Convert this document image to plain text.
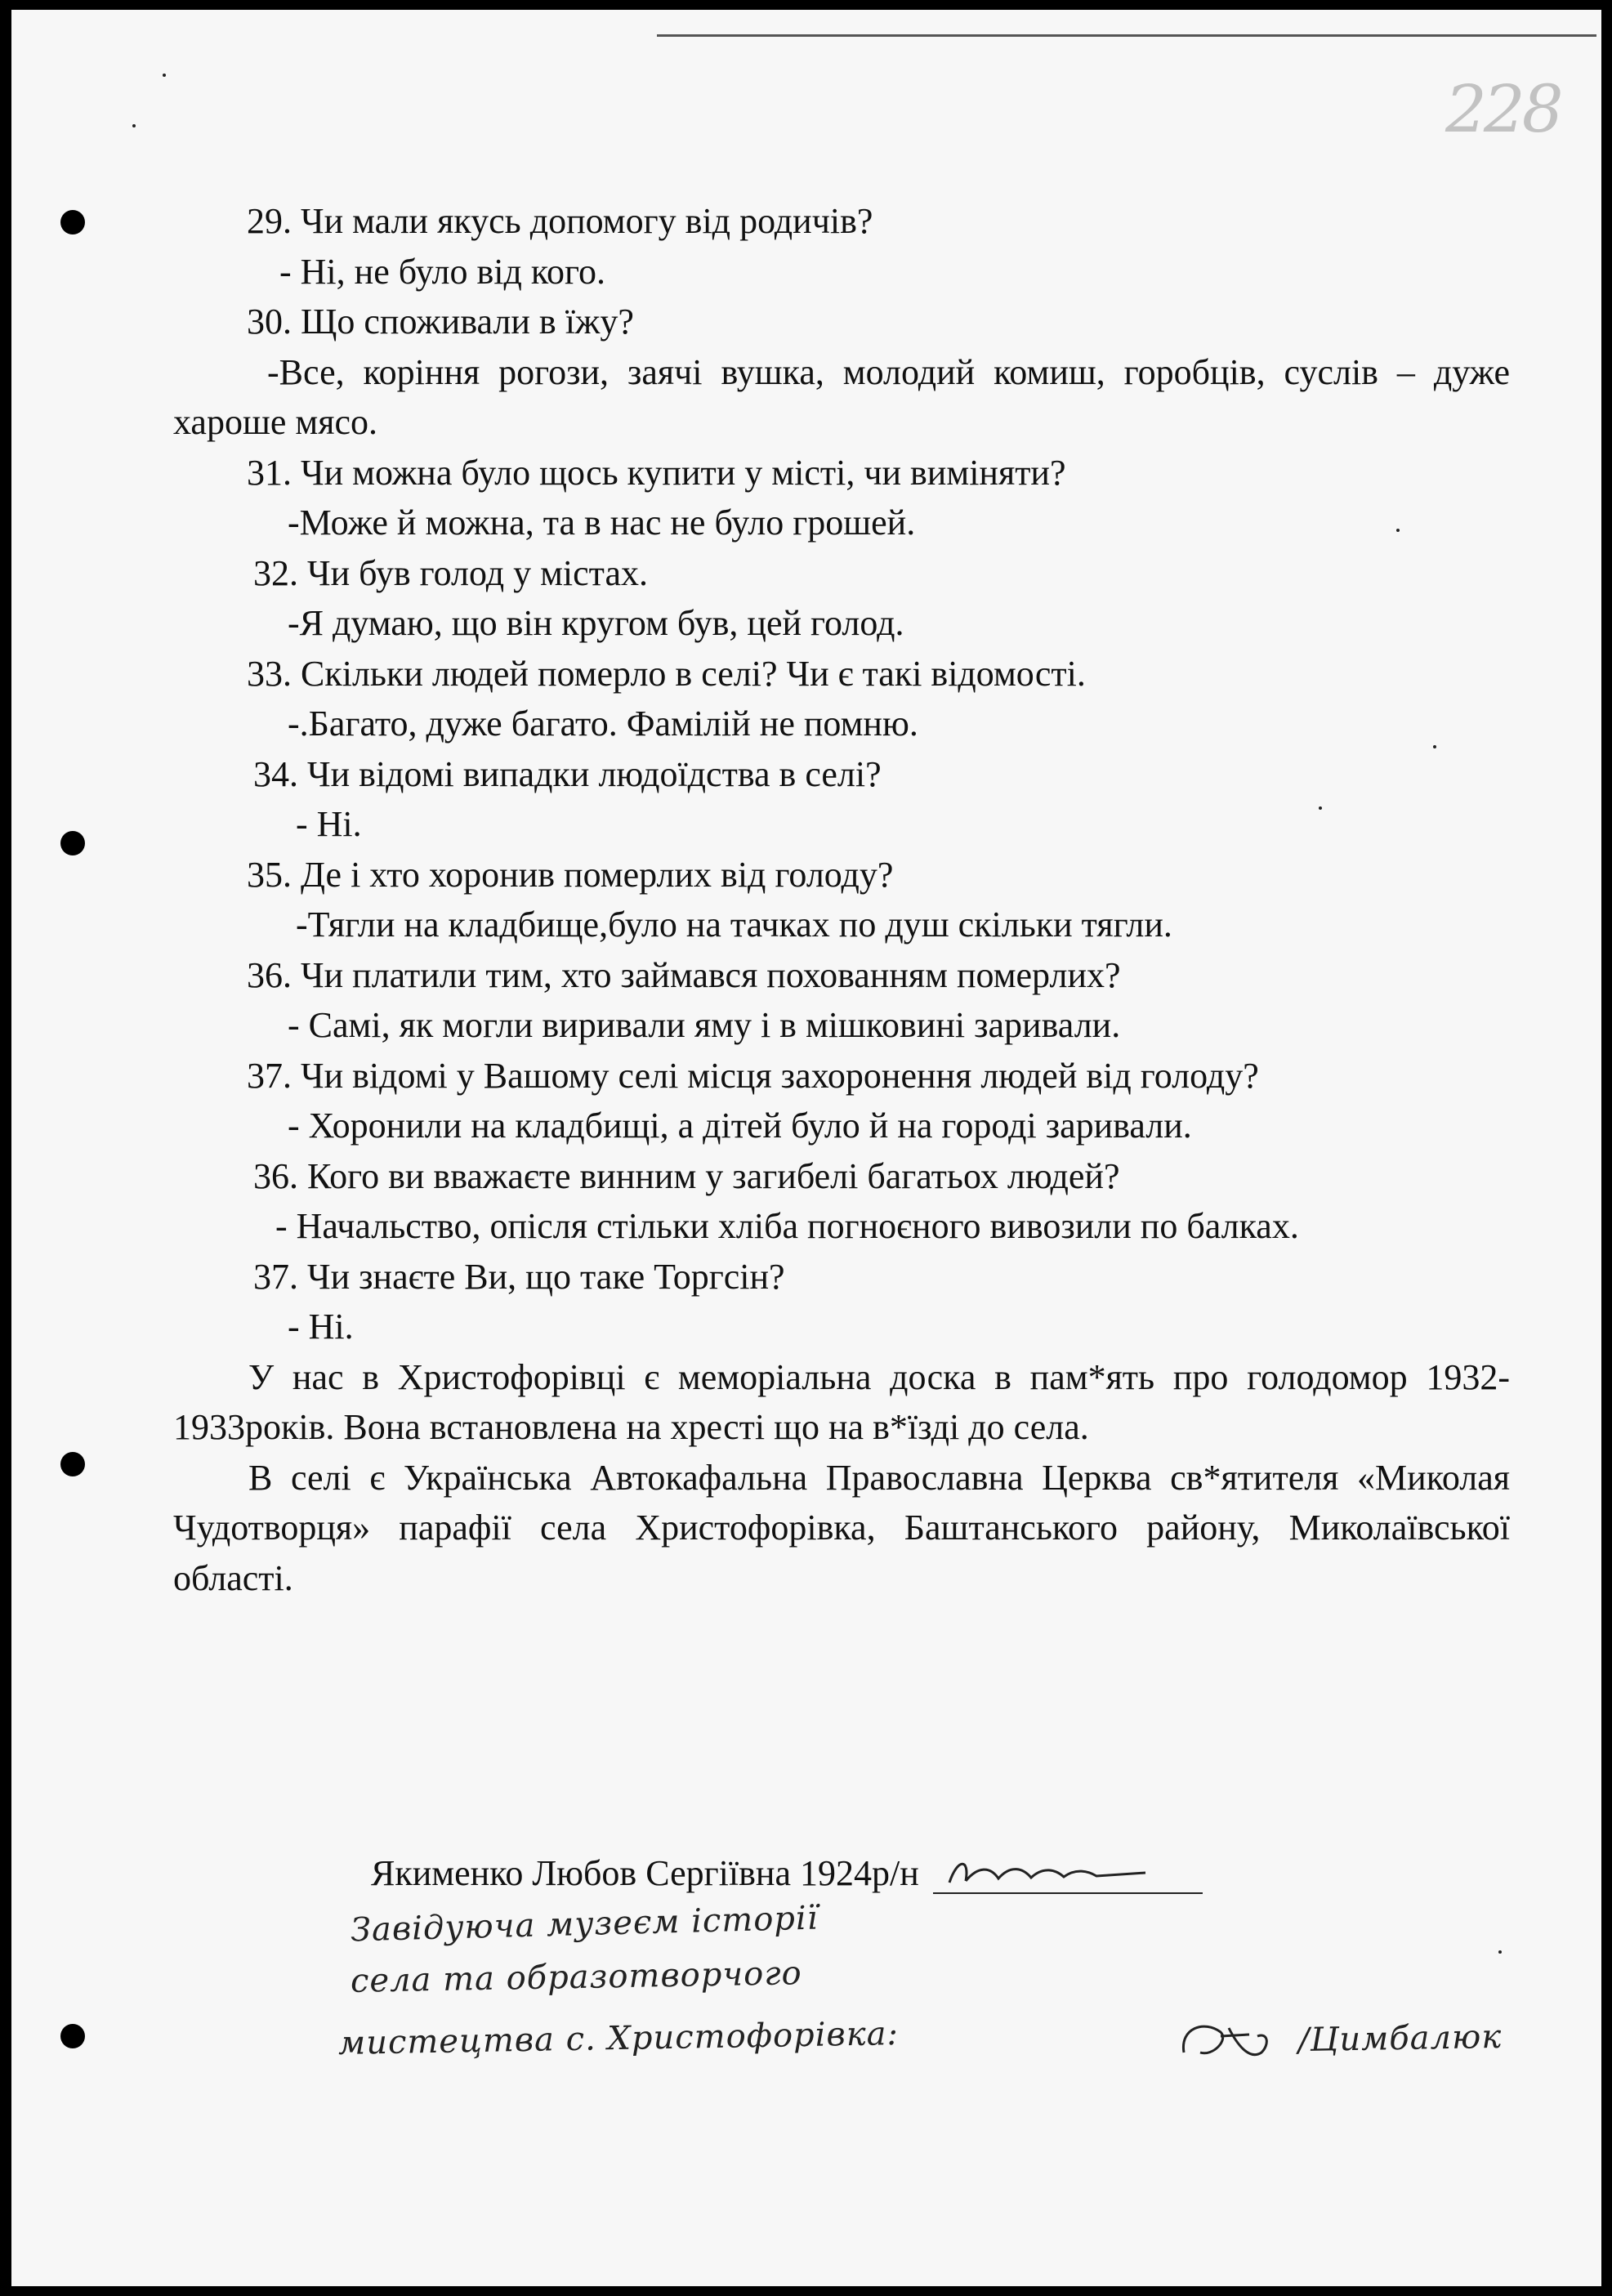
228
29. Чи мали якусь допомогу від родичів?
- Ні, не було від кого.
30. Що споживали в їжу?
-Все, коріння рогози, заячі вушка, молодий комиш, горобців, суслів – дуже хароше мясо.
31. Чи можна було щось купити у місті, чи виміняти?
-Може й можна, та в нас не було грошей.
32. Чи був голод у містах.
-Я думаю, що він кругом був, цей голод.
33. Скільки людей померло в селі? Чи є такі відомості.
-.Багато, дуже багато. Фамілій не помню.
34. Чи відомі випадки людоїдства в селі?
- Ні.
35. Де і хто хоронив померлих від голоду?
-Тягли на кладбище,було на тачках по душ скільки тягли.
36. Чи платили тим, хто займався похованням померлих?
- Самі, як могли виривали яму і в мішковині заривали.
37. Чи відомі у Вашому селі місця захоронення людей від голоду?
- Хоронили на кладбищі, а дітей було й на городі заривали.
36. Кого ви вважаєте винним у загибелі багатьох людей?
- Начальство, опісля стільки хліба погноєного вивозили по балках.
37. Чи знаєте Ви, що таке Торгсін?
- Ні.
У нас в Христофорівці є меморіальна доска в пам*ять про голодомор 1932-1933років. Вона встановлена на хресті що на в*їзді до села.
В селі є Українська Автокафальна Православна Церква св*ятителя «Миколая Чудотворця» парафії села Христофорівка, Баштанського району, Миколаївської області.
Якименко Любов Сергіївна 1924р/н
Завідуюча музеєм історії
села та образотворчого
мистецтва с. Христофорівка:	/Цимбалюк
